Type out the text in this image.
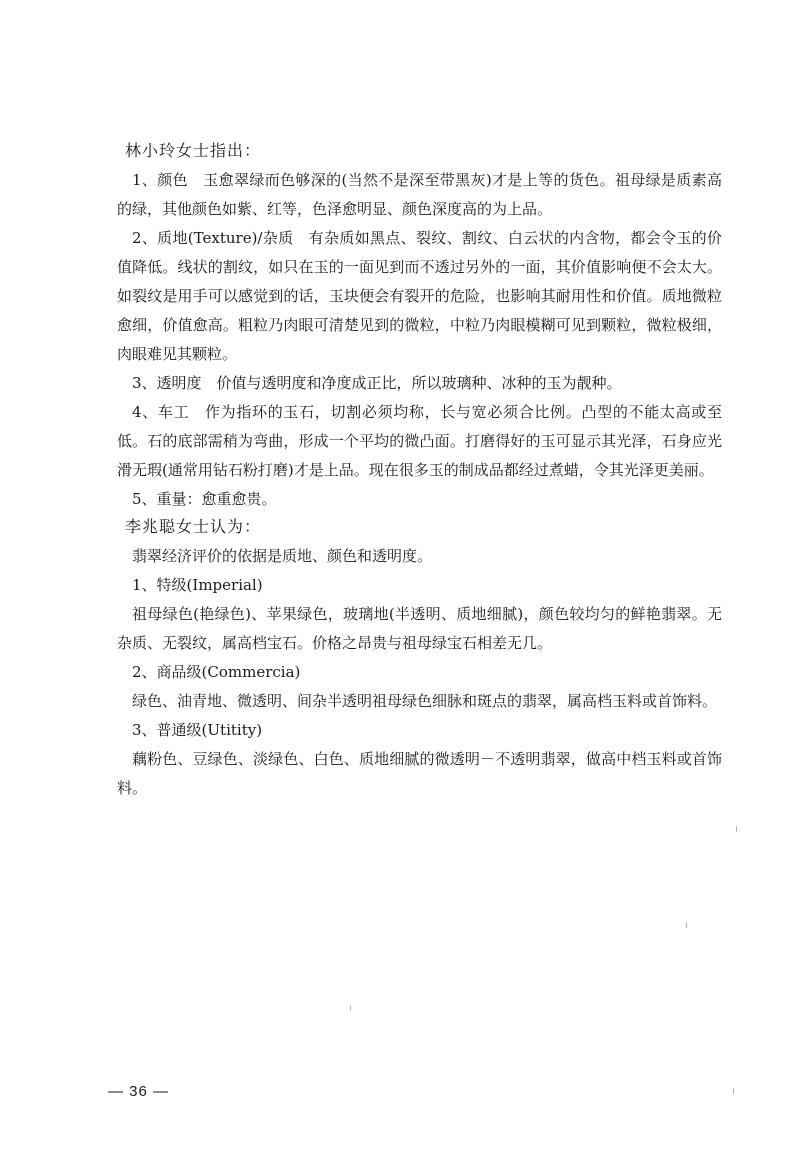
林小玲女士指出：

1、颜色　玉愈翠绿而色够深的(当然不是深至带黑灰)才是上等的货色。祖母绿是质素高的绿，其他颜色如紫、红等，色泽愈明显、颜色深度高的为上品。

2、质地(Texture)/杂质　有杂质如黑点、裂纹、割纹、白云状的内含物，都会令玉的价值降低。线状的割纹，如只在玉的一面见到而不透过另外的一面，其价值影响便不会太大。如裂纹是用手可以感觉到的话，玉块便会有裂开的危险，也影响其耐用性和价值。质地微粒愈细，价值愈高。粗粒乃肉眼可清楚见到的微粒，中粒乃肉眼模糊可见到颗粒，微粒极细，肉眼难见其颗粒。

3、透明度　价值与透明度和净度成正比，所以玻璃种、冰种的玉为靓种。

4、车工　作为指环的玉石，切割必须均称，长与宽必须合比例。凸型的不能太高或至低。石的底部需稍为弯曲，形成一个平均的微凸面。打磨得好的玉可显示其光泽，石身应光滑无瑕(通常用钻石粉打磨)才是上品。现在很多玉的制成品都经过煮蜡，令其光泽更美丽。

5、重量：愈重愈贵。

李兆聪女士认为：

翡翠经济评价的依据是质地、颜色和透明度。

1、特级(Imperial)

祖母绿色(艳绿色)、苹果绿色，玻璃地(半透明、质地细腻)，颜色较均匀的鲜艳翡翠。无杂质、无裂纹，属高档宝石。价格之昂贵与祖母绿宝石相差无几。

2、商品级(Commercia)

绿色、油青地、微透明、间杂半透明祖母绿色细脉和斑点的翡翠，属高档玉料或首饰料。

3、普通级(Utitity)

藕粉色、豆绿色、淡绿色、白色、质地细腻的微透明－不透明翡翠，做高中档玉料或首饰料。

— 36 —
